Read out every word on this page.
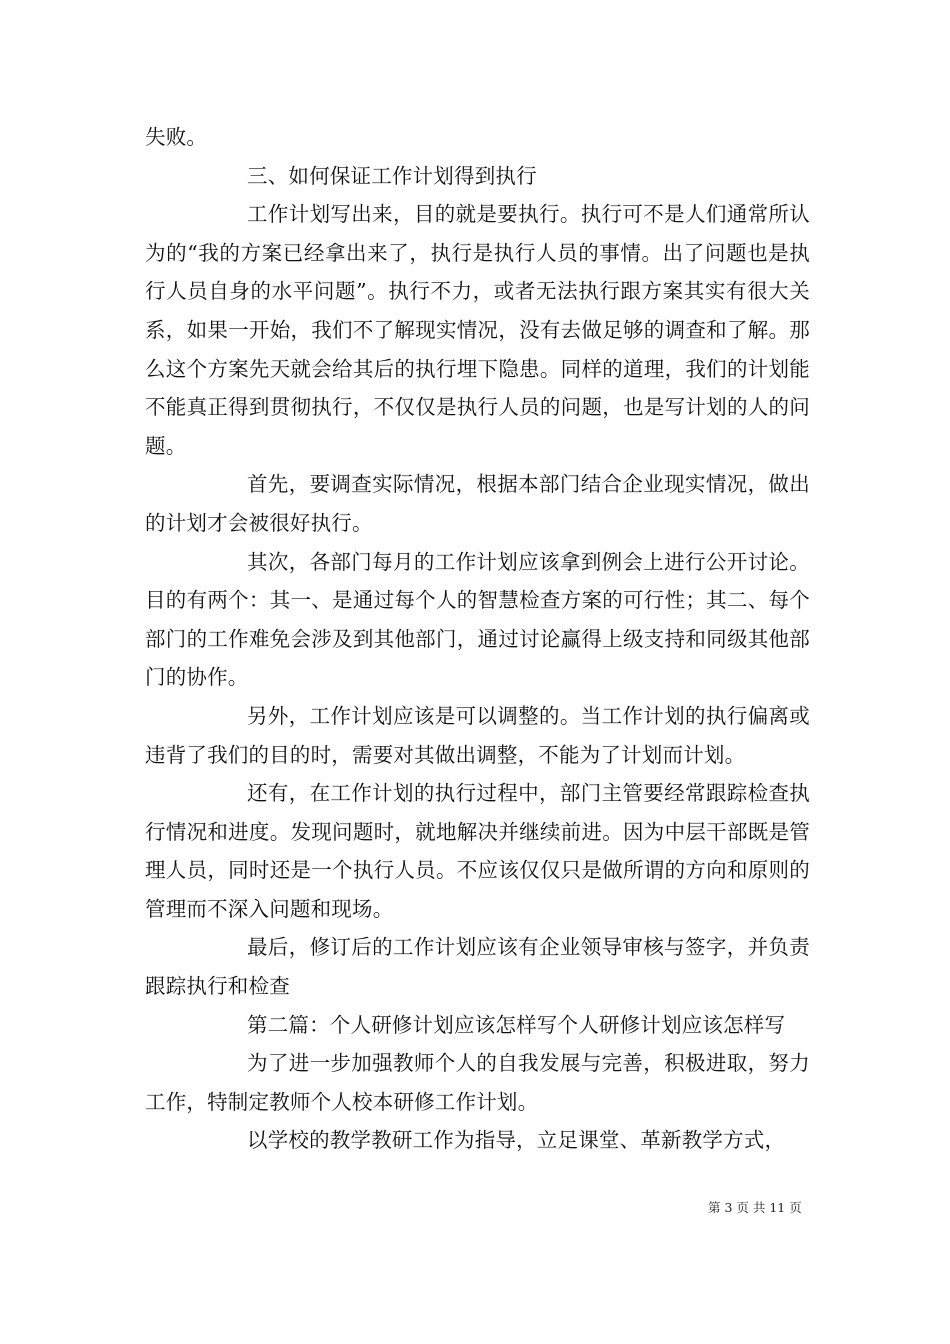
失败。

三、如何保证工作计划得到执行

工作计划写出来，目的就是要执行。执行可不是人们通常所认为的“我的方案已经拿出来了，执行是执行人员的事情。出了问题也是执行人员自身的水平问题”。执行不力，或者无法执行跟方案其实有很大关系，如果一开始，我们不了解现实情况，没有去做足够的调查和了解。那么这个方案先天就会给其后的执行埋下隐患。同样的道理，我们的计划能不能真正得到贯彻执行，不仅仅是执行人员的问题，也是写计划的人的问题。

首先，要调查实际情况，根据本部门结合企业现实情况，做出的计划才会被很好执行。

其次，各部门每月的工作计划应该拿到例会上进行公开讨论。目的有两个：其一、是通过每个人的智慧检查方案的可行性；其二、每个部门的工作难免会涉及到其他部门，通过讨论赢得上级支持和同级其他部门的协作。

另外，工作计划应该是可以调整的。当工作计划的执行偏离或违背了我们的目的时，需要对其做出调整，不能为了计划而计划。

还有，在工作计划的执行过程中，部门主管要经常跟踪检查执行情况和进度。发现问题时，就地解决并继续前进。因为中层干部既是管理人员，同时还是一个执行人员。不应该仅仅只是做所谓的方向和原则的管理而不深入问题和现场。

最后，修订后的工作计划应该有企业领导审核与签字，并负责跟踪执行和检查

第二篇：个人研修计划应该怎样写个人研修计划应该怎样写

为了进一步加强教师个人的自我发展与完善，积极进取，努力工作，特制定教师个人校本研修工作计划。

以学校的教学教研工作为指导，立足课堂、革新教学方式，

第 3 页 共 11 页
